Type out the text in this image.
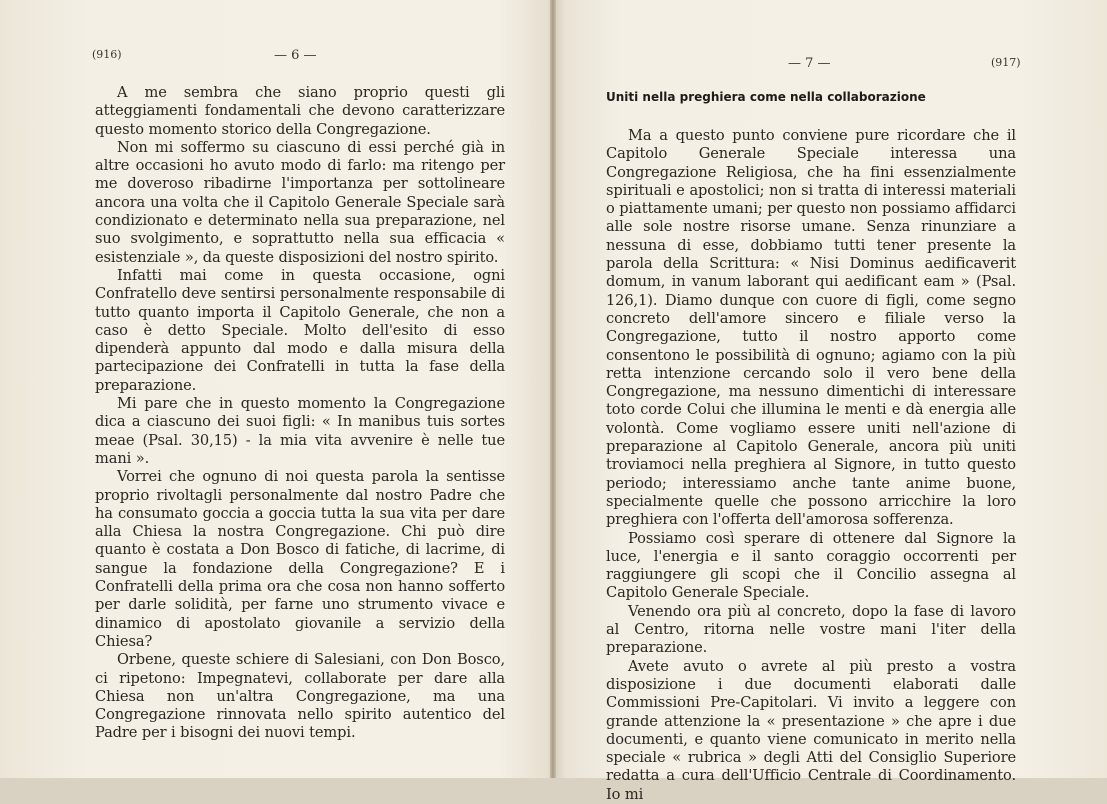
(916)	— 6 —

A me sembra che siano proprio questi gli atteggiamenti fondamentali che devono caratterizzare questo momento storico della Congregazione.

Non mi soffermo su ciascuno di essi perché già in altre occasioni ho avuto modo di farlo: ma ritengo per me doveroso ribadirne l'importanza per sottolineare ancora una volta che il Capitolo Generale Speciale sarà condizionato e determinato nella sua preparazione, nel suo svolgimento, e soprattutto nella sua efficacia « esistenziale », da queste disposizioni del nostro spirito.

Infatti mai come in questa occasione, ogni Confratello deve sentirsi personalmente responsabile di tutto quanto importa il Capitolo Generale, che non a caso è detto Speciale. Molto dell'esito di esso dipenderà appunto dal modo e dalla misura della partecipazione dei Confratelli in tutta la fase della preparazione.

Mi pare che in questo momento la Congregazione dica a ciascuno dei suoi figli: « In manibus tuis sortes meae (Psal. 30,15) - la mia vita avvenire è nelle tue mani ».

Vorrei che ognuno di noi questa parola la sentisse proprio rivoltagli personalmente dal nostro Padre che ha consumato goccia a goccia tutta la sua vita per dare alla Chiesa la nostra Congregazione. Chi può dire quanto è costata a Don Bosco di fatiche, di lacrime, di sangue la fondazione della Congregazione? E i Confratelli della prima ora che cosa non hanno sofferto per darle solidità, per farne uno strumento vivace e dinamico di apostolato giovanile a servizio della Chiesa?

Orbene, queste schiere di Salesiani, con Don Bosco, ci ripetono: Impegnatevi, collaborate per dare alla Chiesa non un'altra Congregazione, ma una Congregazione rinnovata nello spirito autentico del Padre per i bisogni dei nuovi tempi.

— 7 —	(917)
Uniti nella preghiera come nella collaborazione

Ma a questo punto conviene pure ricordare che il Capitolo Generale Speciale interessa una Congregazione Religiosa, che ha fini essenzialmente spirituali e apostolici; non si tratta di interessi materiali o piattamente umani; per questo non possiamo affidarci alle sole nostre risorse umane. Senza rinunziare a nessuna di esse, dobbiamo tutti tener presente la parola della Scrittura: « Nisi Dominus aedificaverit domum, in vanum laborant qui aedificant eam » (Psal. 126,1). Diamo dunque con cuore di figli, come segno concreto dell'amore sincero e filiale verso la Congregazione, tutto il nostro apporto come consentono le possibilità di ognuno; agiamo con la più retta intenzione cercando solo il vero bene della Congregazione, ma nessuno dimentichi di interessare toto corde Colui che illumina le menti e dà energia alle volontà. Come vogliamo essere uniti nell'azione di preparazione al Capitolo Generale, ancora più uniti troviamoci nella preghiera al Signore, in tutto questo periodo; interessiamo anche tante anime buone, specialmente quelle che possono arricchire la loro preghiera con l'offerta dell'amorosa sofferenza.

Possiamo così sperare di ottenere dal Signore la luce, l'energia e il santo coraggio occorrenti per raggiungere gli scopi che il Concilio assegna al Capitolo Generale Speciale.

Venendo ora più al concreto, dopo la fase di lavoro al Centro, ritorna nelle vostre mani l'iter della preparazione.

Avete avuto o avrete al più presto a vostra disposizione i due documenti elaborati dalle Commissioni Pre-Capitolari. Vi invito a leggere con grande attenzione la « presentazione » che apre i due documenti, e quanto viene comunicato in merito nella speciale « rubrica » degli Atti del Consiglio Superiore redatta a cura dell'Ufficio Centrale di Coordinamento. Io mi
